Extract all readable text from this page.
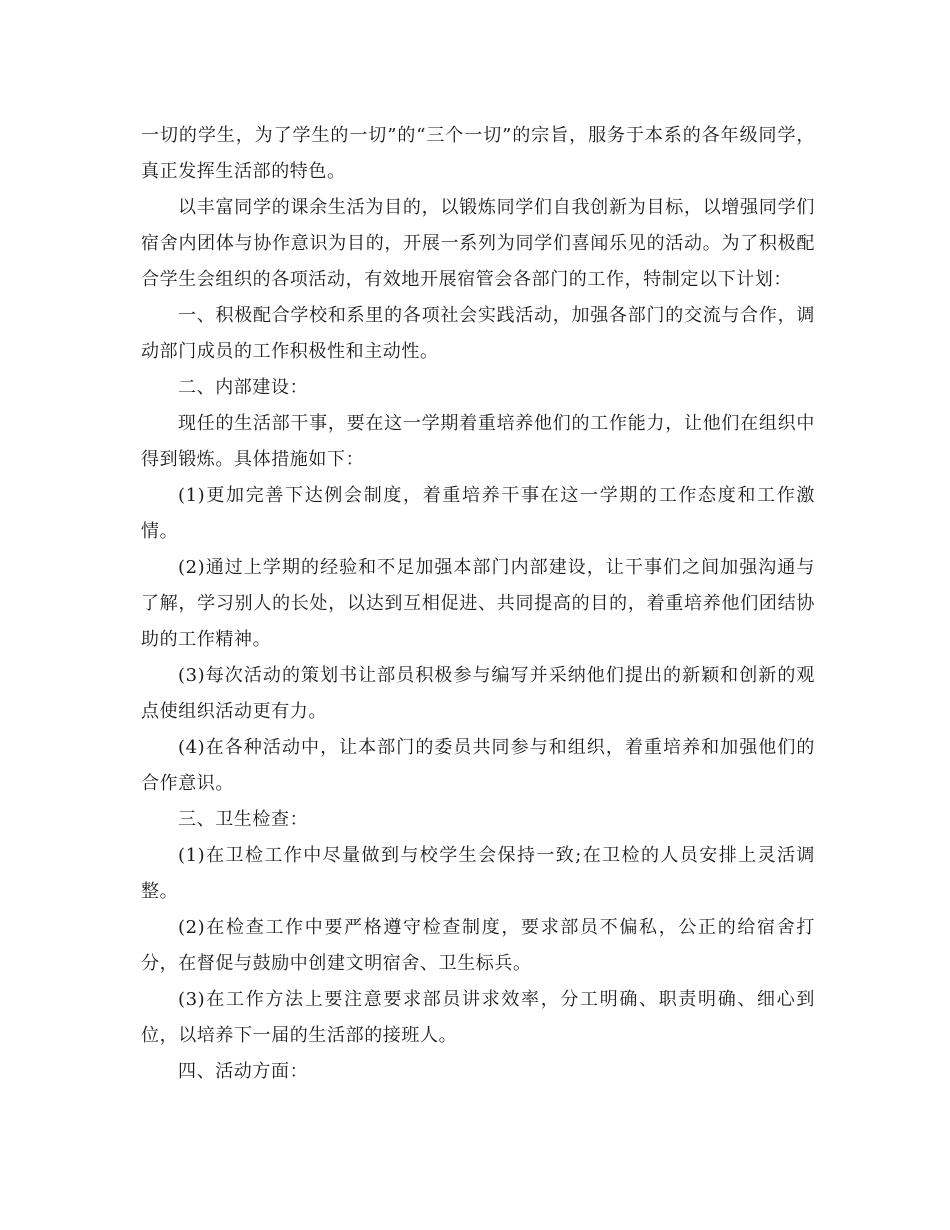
一切的学生，为了学生的一切”的“三个一切”的宗旨，服务于本系的各年级同学，真正发挥生活部的特色。

以丰富同学的课余生活为目的，以锻炼同学们自我创新为目标，以增强同学们宿舍内团体与协作意识为目的，开展一系列为同学们喜闻乐见的活动。为了积极配合学生会组织的各项活动，有效地开展宿管会各部门的工作，特制定以下计划：

一、积极配合学校和系里的各项社会实践活动，加强各部门的交流与合作，调动部门成员的工作积极性和主动性。

二、内部建设：

现任的生活部干事，要在这一学期着重培养他们的工作能力，让他们在组织中得到锻炼。具体措施如下：

(1)更加完善下达例会制度，着重培养干事在这一学期的工作态度和工作激情。

(2)通过上学期的经验和不足加强本部门内部建设，让干事们之间加强沟通与了解，学习别人的长处，以达到互相促进、共同提高的目的，着重培养他们团结协助的工作精神。

(3)每次活动的策划书让部员积极参与编写并采纳他们提出的新颖和创新的观点使组织活动更有力。

(4)在各种活动中，让本部门的委员共同参与和组织，着重培养和加强他们的合作意识。

三、卫生检查：

(1)在卫检工作中尽量做到与校学生会保持一致;在卫检的人员安排上灵活调整。

(2)在检查工作中要严格遵守检查制度，要求部员不偏私，公正的给宿舍打分，在督促与鼓励中创建文明宿舍、卫生标兵。

(3)在工作方法上要注意要求部员讲求效率，分工明确、职责明确、细心到位，以培养下一届的生活部的接班人。

四、活动方面：
